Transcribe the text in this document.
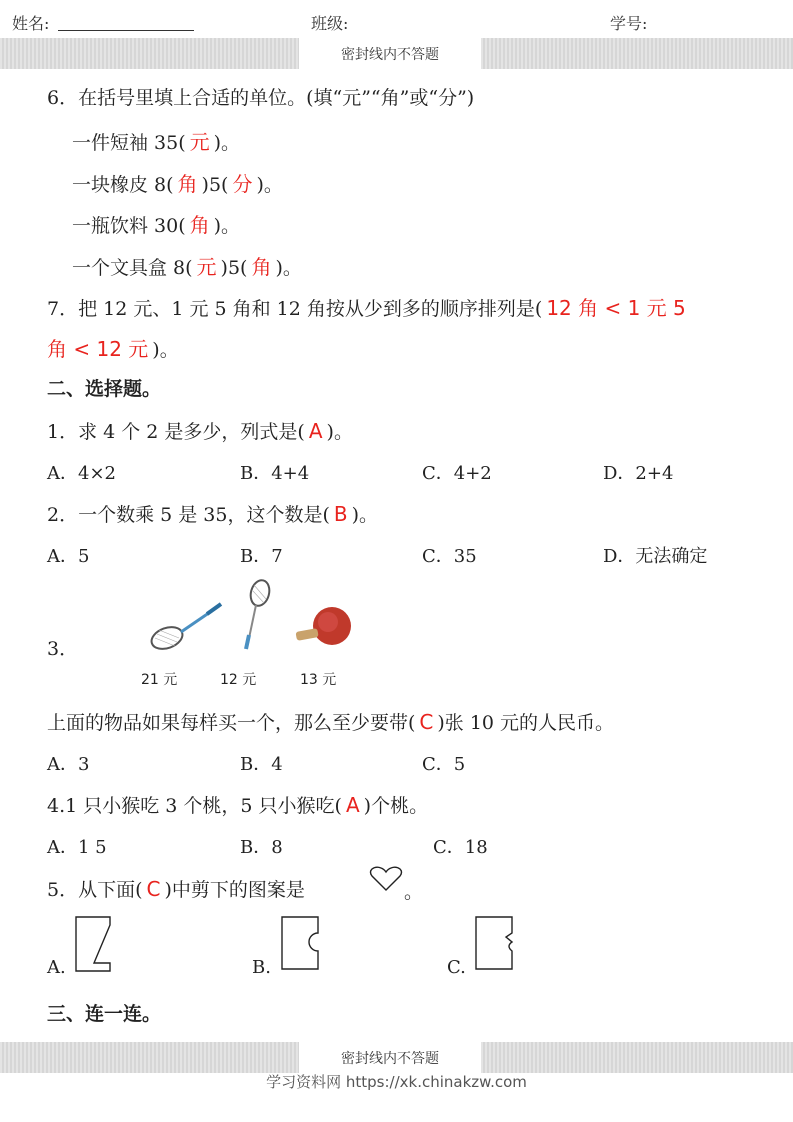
姓名:	班级:	学号:
密封线内不答题
6．在括号里填上合适的单位。(填“元”“角”或“分”)
一件短袖 35( 元 )。
一块橡皮 8( 角 )5( 分 )。
一瓶饮料 30( 角 )。
一个文具盒 8( 元 )5( 角 )。
7．把 12 元、1 元 5 角和 12 角按从少到多的顺序排列是( 12 角 < 1 元 5
角 < 12 元 )。
二、选择题。
1．求 4 个 2 是多少，列式是( A )。
A．4×2	B．4+4	C．4+2	D．2+4
2．一个数乘 5 是 35，这个数是( B )。
A．5	B．7	C．35	D．无法确定
3．
21 元	12 元	13 元
上面的物品如果每样买一个，那么至少要带( C )张 10 元的人民币。
A．3	B．4	C．5
4.1 只小猴吃 3 个桃，5 只小猴吃( A )个桃。
A．1 5	B．8	C．18
5．从下面( C )中剪下的图案是	。
A.	B.	C.
三、连一连。
密封线内不答题
学习资料网 https://xk.chinakzw.com
